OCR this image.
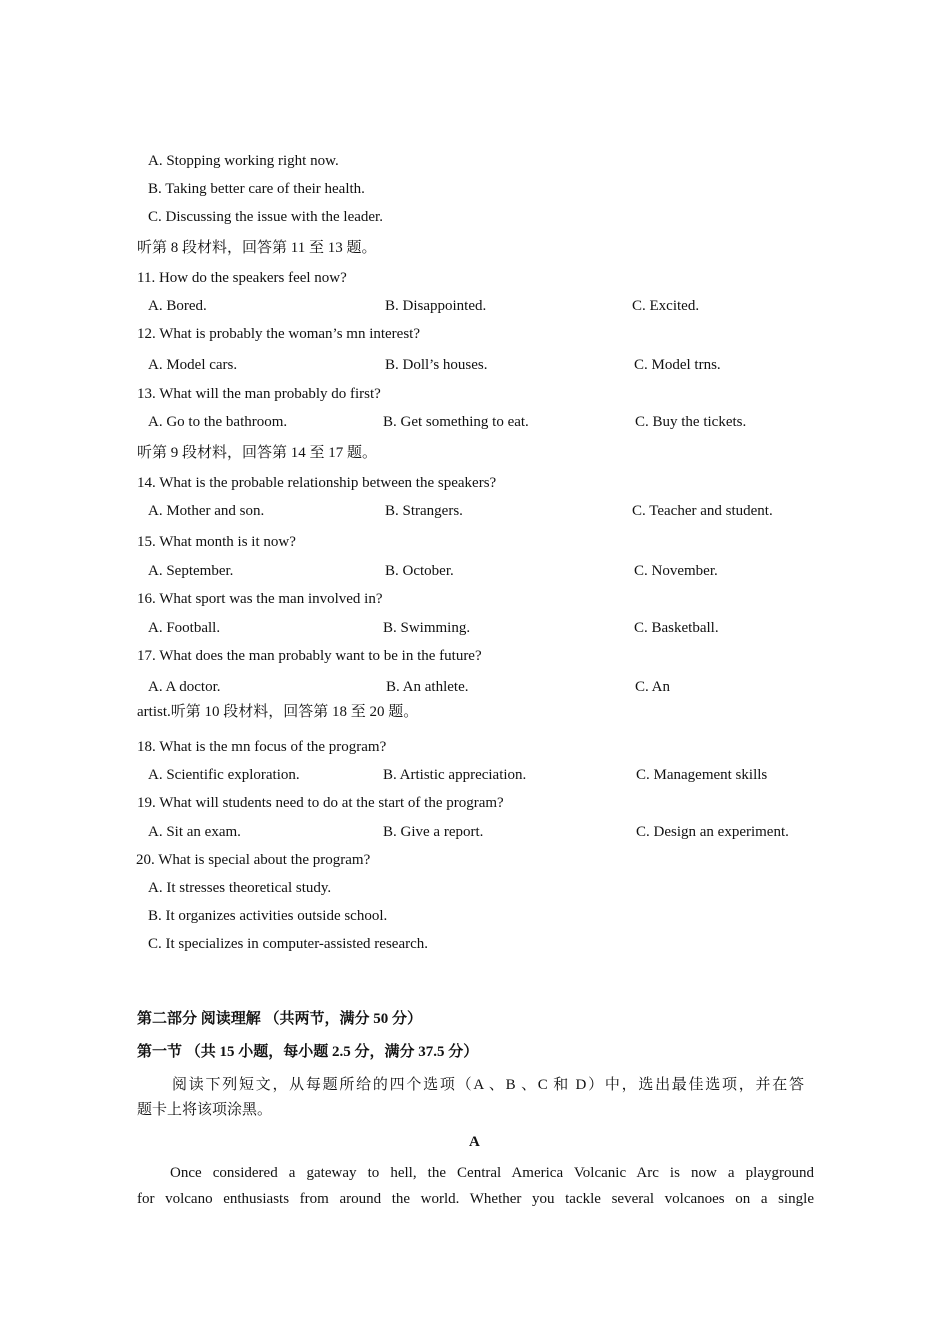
A. Stopping working right now.
B. Taking better care of their health.
C. Discussing the issue with the leader.
听第 8 段材料，回答第 11 至 13 题。
11. How do the speakers feel now?
A. Bored.	B. Disappointed.	C. Excited.
12. What is probably the woman’s mn interest?
A. Model cars.	B. Doll’s houses.	C. Model trns.
13. What will the man probably do first?
A. Go to the bathroom.	B. Get something to eat.	C. Buy the tickets.
听第 9 段材料，回答第 14 至 17 题。
14. What is the probable relationship between the speakers?
A. Mother and son.	B. Strangers.	C. Teacher and student.
15. What month is it now?
A. September.	B. October.	C. November.
16. What sport was the man involved in?
A. Football.	B. Swimming.	C. Basketball.
17. What does the man probably want to be in the future?
A. A doctor.	B. An athlete.	C. An
artist.听第 10 段材料，回答第 18 至 20 题。
18. What is the mn focus of the program?
A. Scientific exploration.	B. Artistic appreciation.	C. Management skills
19. What will students need to do at the start of the program?
A. Sit an exam.	B. Give a report.	C. Design an experiment.
20. What is special about the program?
A. It stresses theoretical study.
B. It organizes activities outside school.
C. It specializes in computer-assisted research.
第二部分 阅读理解 （共两节，满分 50 分）
第一节 （共 15 小题，每小题 2.5 分，满分 37.5 分）
阅读下列短文，从每题所给的四个选项（A 、B 、C 和 D）中，选出最佳选项，并在答
题卡上将该项涂黑。
A
Once considered a gateway to hell, the Central America Volcanic Arc is now a playground
for volcano enthusiasts from around the world. Whether you tackle several volcanoes on a single
